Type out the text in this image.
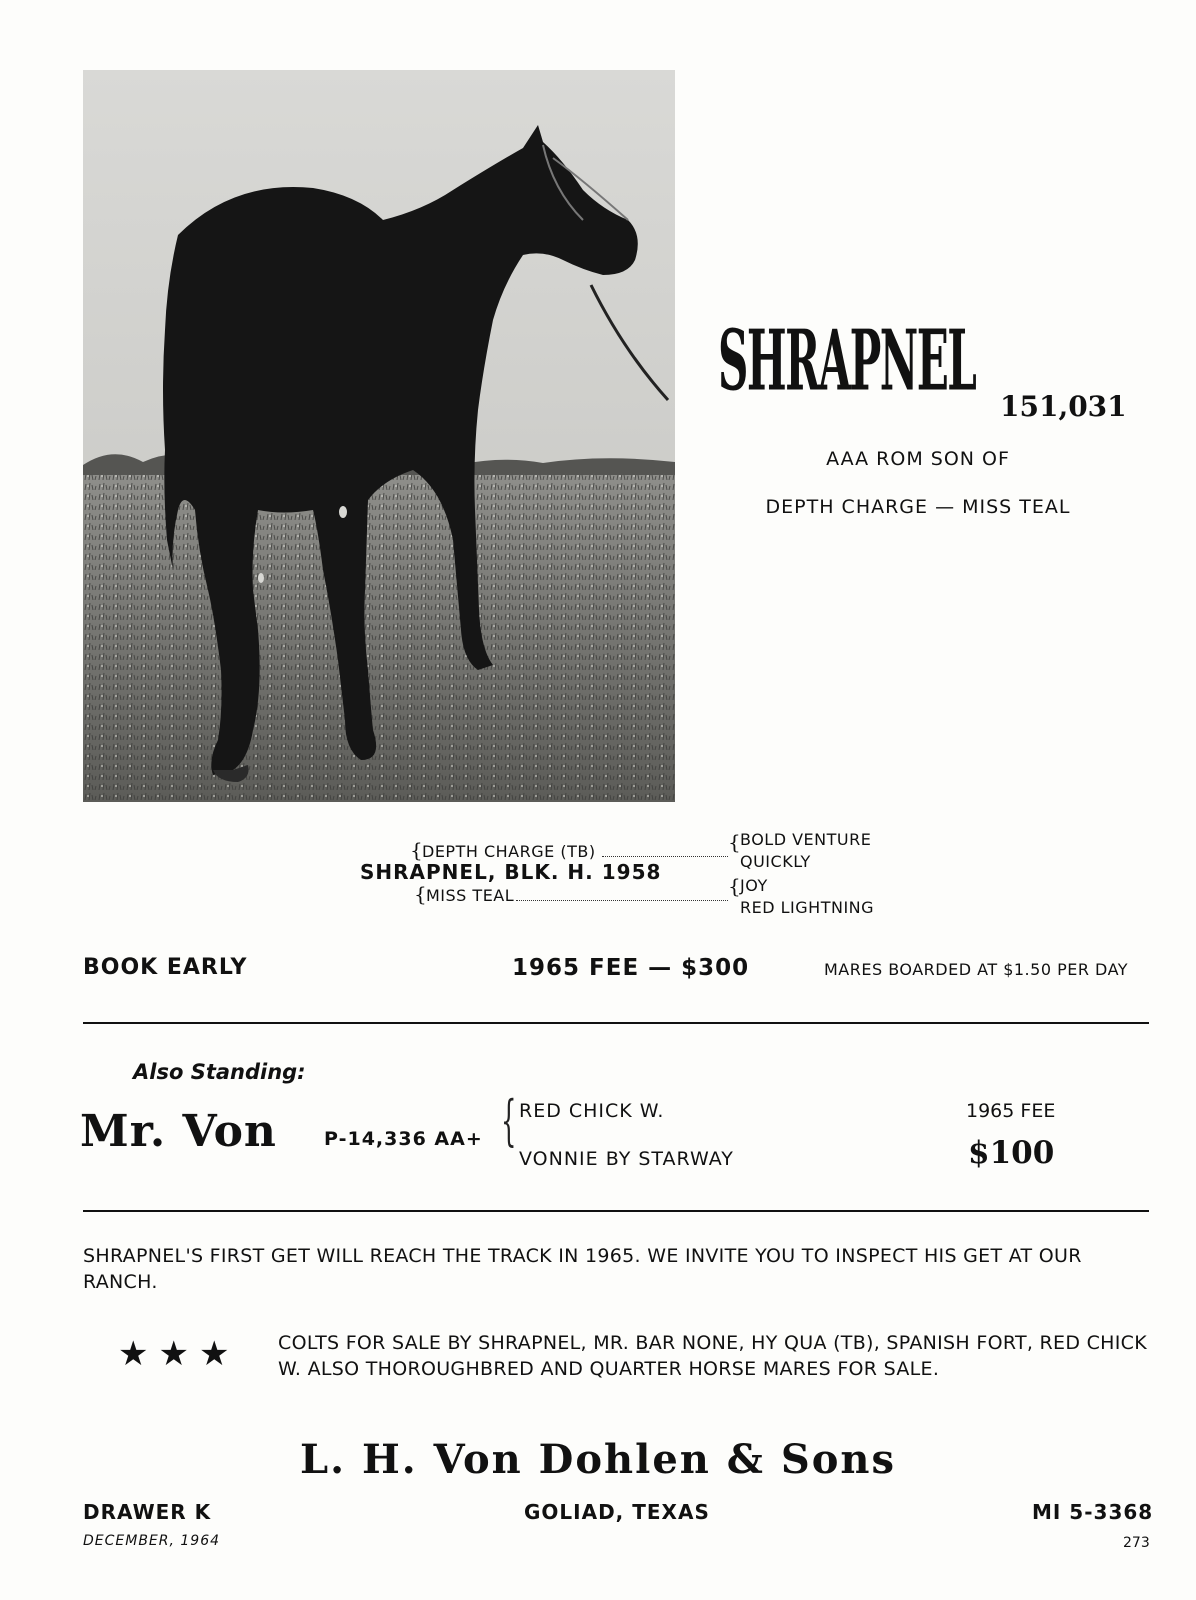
SHRAPNEL 151,031
AAA ROM SON OF
DEPTH CHARGE — MISS TEAL
{ DEPTH CHARGE (TB)
SHRAPNEL, BLK. H. 1958
{ MISS TEAL
{ BOLD VENTURE
QUICKLY
{ JOY
RED LIGHTNING
BOOK EARLY	1965 FEE — $300	MARES BOARDED AT $1.50 PER DAY
Also Standing:
Mr. Von P-14,336 AA+ { RED CHICK W.
VONNIE BY STARWAY
1965 FEE
$100
SHRAPNEL'S FIRST GET WILL REACH THE TRACK IN 1965. WE INVITE YOU TO INSPECT HIS GET AT OUR RANCH.
★★★ COLTS FOR SALE BY SHRAPNEL, MR. BAR NONE, HY QUA (TB), SPANISH FORT, RED CHICK W. ALSO THOROUGHBRED AND QUARTER HORSE MARES FOR SALE.
L. H. Von Dohlen & Sons
DRAWER K	GOLIAD, TEXAS	MI 5-3368
DECEMBER, 1964	273
